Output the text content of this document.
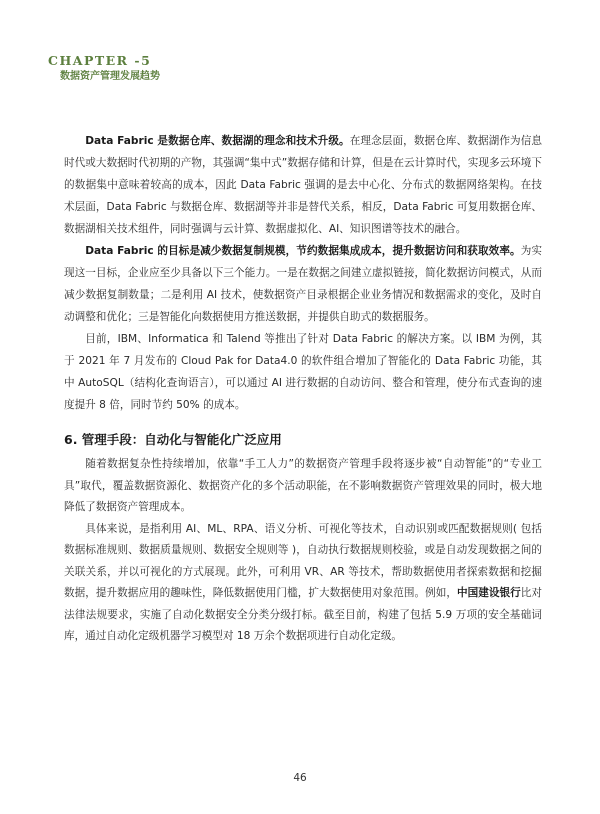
CHAPTER -5
数据资产管理发展趋势

Data Fabric 是数据仓库、数据湖的理念和技术升级。在理念层面，数据仓库、数据湖作为信息时代或大数据时代初期的产物，其强调“集中式”数据存储和计算，但是在云计算时代，实现多云环境下的数据集中意味着较高的成本，因此 Data Fabric 强调的是去中心化、分布式的数据网络架构。在技术层面，Data Fabric 与数据仓库、数据湖等并非是替代关系，相反，Data Fabric 可复用数据仓库、数据湖相关技术组件，同时强调与云计算、数据虚拟化、AI、知识图谱等技术的融合。

Data Fabric 的目标是减少数据复制规模，节约数据集成成本，提升数据访问和获取效率。为实现这一目标，企业应至少具备以下三个能力。一是在数据之间建立虚拟链接，简化数据访问模式，从而减少数据复制数量；二是利用 AI 技术，使数据资产目录根据企业业务情况和数据需求的变化，及时自动调整和优化；三是智能化向数据使用方推送数据，并提供自助式的数据服务。

目前，IBM、Informatica 和 Talend 等推出了针对 Data Fabric 的解决方案。以 IBM 为例，其于 2021 年 7 月发布的 Cloud Pak for Data4.0 的软件组合增加了智能化的 Data Fabric 功能，其中 AutoSQL（结构化查询语言），可以通过 AI 进行数据的自动访问、整合和管理，使分布式查询的速度提升 8 倍，同时节约 50% 的成本。

6. 管理手段：自动化与智能化广泛应用

随着数据复杂性持续增加，依靠“手工人力”的数据资产管理手段将逐步被“自动智能”的“专业工具”取代，覆盖数据资源化、数据资产化的多个活动职能，在不影响数据资产管理效果的同时，极大地降低了数据资产管理成本。

具体来说，是指利用 AI、ML、RPA、语义分析、可视化等技术，自动识别或匹配数据规则( 包括数据标准规则、数据质量规则、数据安全规则等 )，自动执行数据规则校验，或是自动发现数据之间的关联关系，并以可视化的方式展现。此外，可利用 VR、AR 等技术，帮助数据使用者探索数据和挖掘数据，提升数据应用的趣味性，降低数据使用门槛，扩大数据使用对象范围。例如，中国建设银行比对法律法规要求，实施了自动化数据安全分类分级打标。截至目前，构建了包括 5.9 万项的安全基础词库，通过自动化定级机器学习模型对 18 万余个数据项进行自动化定级。

46
